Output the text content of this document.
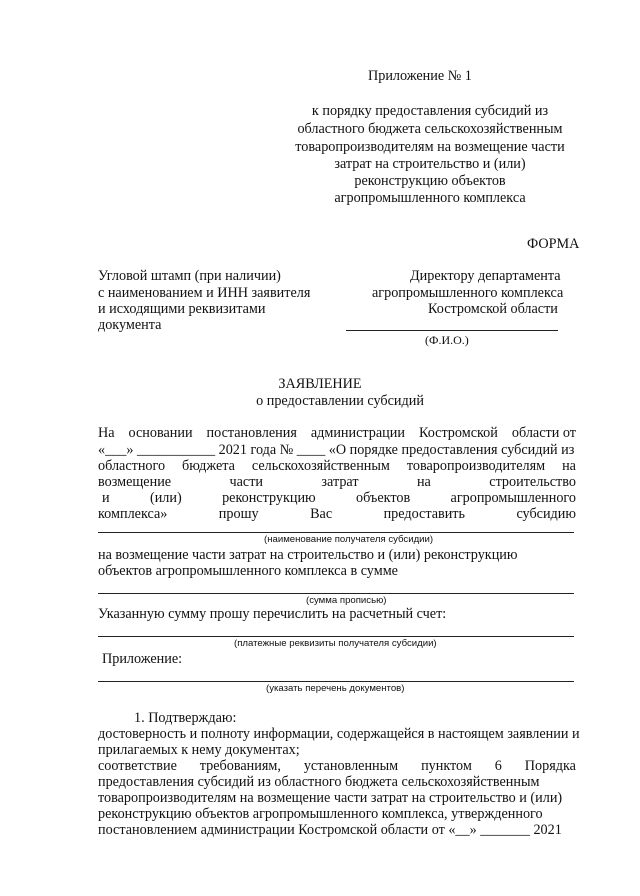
Приложение № 1
к порядку предоставления субсидий из
областного бюджета сельскохозяйственным
товаропроизводителям на возмещение части
затрат на строительство и (или)
реконструкцию объектов
агропромышленного комплекса
ФОРМА
Угловой штамп (при наличии)
с наименованием и ИНН заявителя
и исходящими реквизитами
документа
Директору департамента
агропромышленного комплекса
Костромской области
(Ф.И.О.)
ЗАЯВЛЕНИЕ
о предоставлении субсидий
На основании постановления администрации Костромской области от
«___» ___________ 2021 года № ____ «О порядке предоставления субсидий из
областного бюджета сельскохозяйственным товаропроизводителям на
возмещение	части	затрат	на	строительство
и	(или)	реконструкцию	объектов	агропромышленного
комплекса»	прошу	Вас	предоставить	субсидию
(наименование получателя субсидии)
на возмещение части затрат на строительство и (или) реконструкцию
объектов агропромышленного комплекса в сумме
(сумма прописью)
Указанную сумму прошу перечислить на расчетный счет:
(платежные реквизиты получателя субсидии)
Приложение:
(указать перечень документов)
1. Подтверждаю:
достоверность и полноту информации, содержащейся в настоящем заявлении и
прилагаемых к нему документах;
соответствие требованиям, установленным пунктом 6 Порядка
предоставления субсидий из областного бюджета сельскохозяйственным
товаропроизводителям на возмещение части затрат на строительство и (или)
реконструкцию объектов агропромышленного комплекса, утвержденного
постановлением администрации Костромской области от «__» _______ 2021
